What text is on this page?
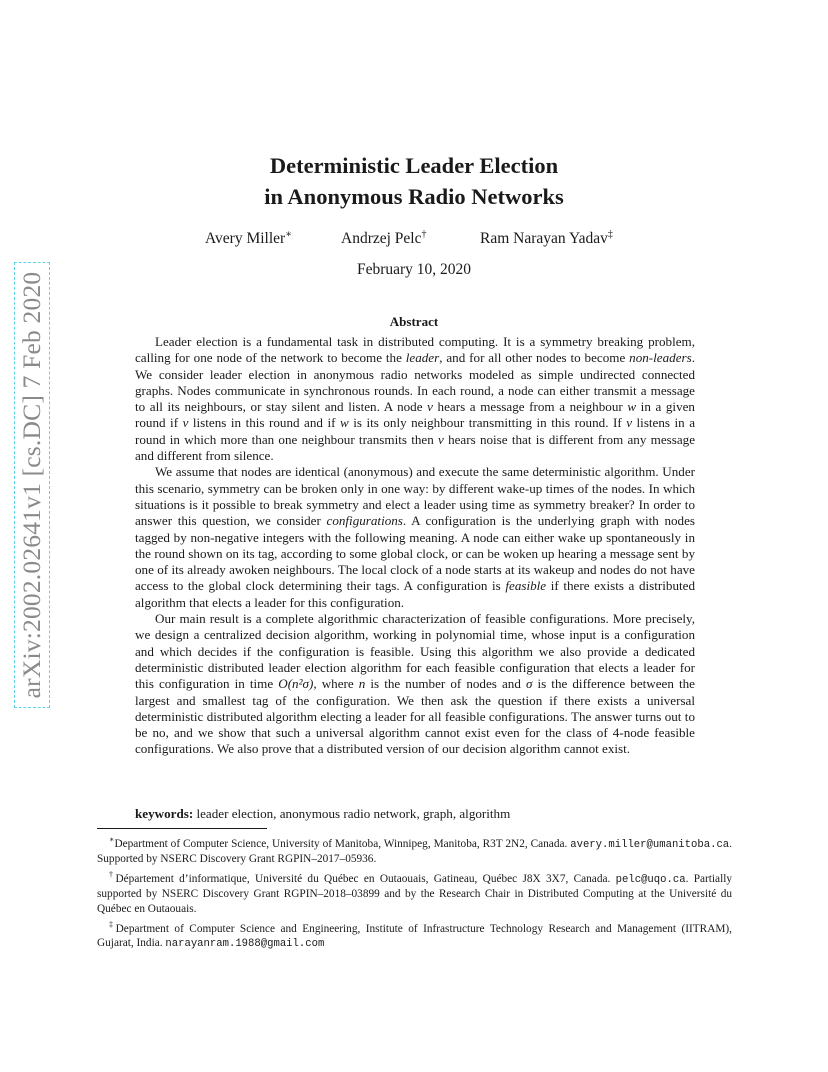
arXiv:2002.02641v1 [cs.DC] 7 Feb 2020
Deterministic Leader Election
in Anonymous Radio Networks
Avery Miller∗	Andrzej Pelc†	Ram Narayan Yadav‡
February 10, 2020
Abstract

Leader election is a fundamental task in distributed computing. It is a symmetry breaking problem, calling for one node of the network to become the leader, and for all other nodes to become non-leaders. We consider leader election in anonymous radio networks modeled as simple undirected connected graphs. Nodes communicate in synchronous rounds. In each round, a node can either transmit a message to all its neighbours, or stay silent and listen. A node v hears a message from a neighbour w in a given round if v listens in this round and if w is its only neighbour transmitting in this round. If v listens in a round in which more than one neighbour transmits then v hears noise that is different from any message and different from silence.

We assume that nodes are identical (anonymous) and execute the same deterministic algorithm. Under this scenario, symmetry can be broken only in one way: by different wake-up times of the nodes. In which situations is it possible to break symmetry and elect a leader using time as symmetry breaker? In order to answer this question, we consider configurations. A configuration is the underlying graph with nodes tagged by non-negative integers with the following meaning. A node can either wake up spontaneously in the round shown on its tag, according to some global clock, or can be woken up hearing a message sent by one of its already awoken neighbours. The local clock of a node starts at its wakeup and nodes do not have access to the global clock determining their tags. A configuration is feasible if there exists a distributed algorithm that elects a leader for this configuration.

Our main result is a complete algorithmic characterization of feasible configurations. More precisely, we design a centralized decision algorithm, working in polynomial time, whose input is a configuration and which decides if the configuration is feasible. Using this algorithm we also provide a dedicated deterministic distributed leader election algorithm for each feasible configuration that elects a leader for this configuration in time O(n²σ), where n is the number of nodes and σ is the difference between the largest and smallest tag of the configuration. We then ask the question if there exists a universal deterministic distributed algorithm electing a leader for all feasible configurations. The answer turns out to be no, and we show that such a universal algorithm cannot exist even for the class of 4-node feasible configurations. We also prove that a distributed version of our decision algorithm cannot exist.

keywords: leader election, anonymous radio network, graph, algorithm

∗Department of Computer Science, University of Manitoba, Winnipeg, Manitoba, R3T 2N2, Canada. avery.miller@umanitoba.ca. Supported by NSERC Discovery Grant RGPIN–2017–05936.

†Département d’informatique, Université du Québec en Outaouais, Gatineau, Québec J8X 3X7, Canada. pelc@uqo.ca. Partially supported by NSERC Discovery Grant RGPIN–2018–03899 and by the Research Chair in Distributed Computing at the Université du Québec en Outaouais.

‡Department of Computer Science and Engineering, Institute of Infrastructure Technology Research and Management (IITRAM), Gujarat, India. narayanram.1988@gmail.com
